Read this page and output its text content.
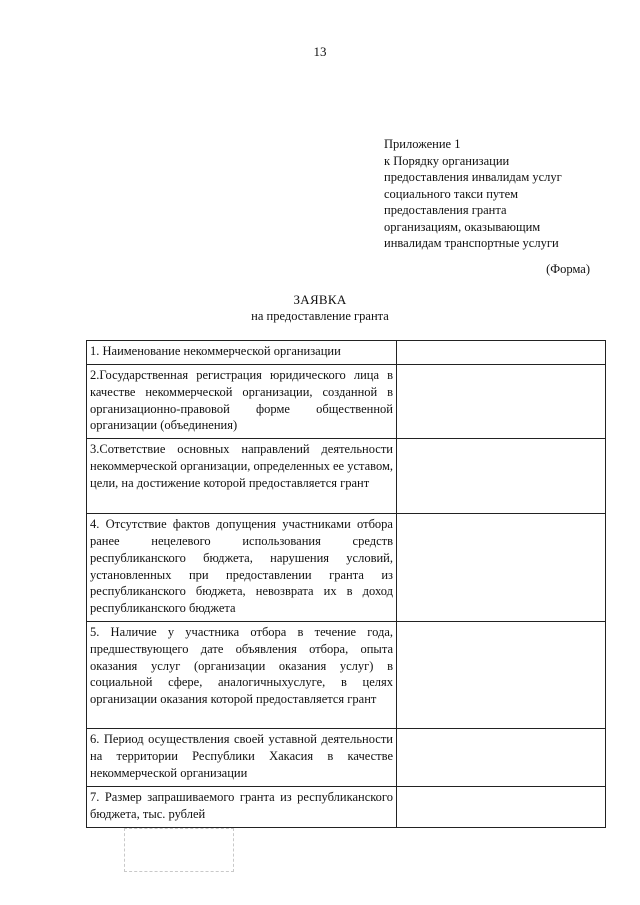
13
Приложение 1
к Порядку организации
предоставления инвалидам услуг
социального такси путем
предоставления гранта
организациям, оказывающим
инвалидам транспортные услуги
(Форма)
ЗАЯВКА
на предоставление гранта
1. Наименование некоммерческой организации	
2.Государственная регистрация юридического лица в качестве некоммерческой организации, созданной в организационно-правовой форме общественной организации (объединения)	
3.Сответствие основных направлений деятельности некоммерческой организации, определенных ее уставом, цели, на достижение которой предоставляется грант	
4. Отсутствие фактов допущения участниками отбора ранее нецелевого использования средств республиканского бюджета, нарушения условий, установленных при предоставлении гранта из республиканского бюджета, невозврата их в доход республиканского бюджета	
5. Наличие у участника отбора в течение года, предшествующего дате объявления отбора, опыта оказания услуг (организации оказания услуг) в социальной сфере, аналогичныхуслуге, в целях организации оказания которой предоставляется грант	
6. Период осуществления своей уставной деятельности на территории Республики Хакасия в качестве некоммерческой организации	
7. Размер запрашиваемого гранта из республиканского бюджета, тыс. рублей	
